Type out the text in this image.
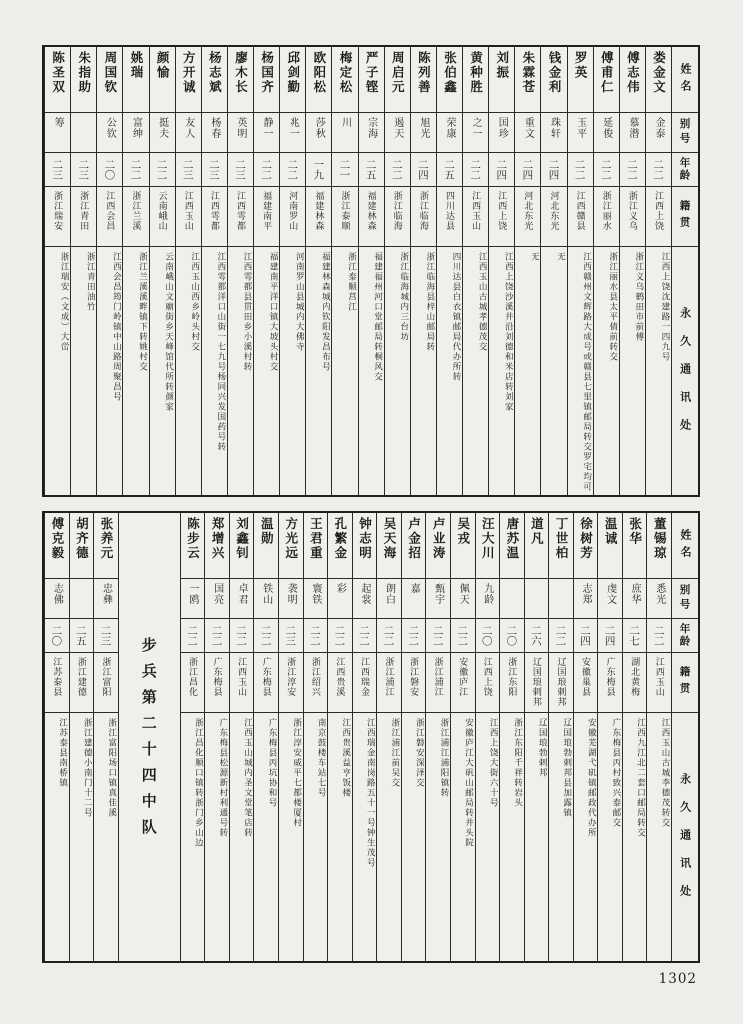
姓名
别号
年龄
籍贯
永久通讯处
娄金文
金泰
二二
江西上饶
江西上饶沈建路一四九号
傅志伟
慕潜
二二
浙江义乌
浙江义乌鹤田市前傅
傅甫仁
延俊
二二
浙江丽水
浙江丽水县太平倩前转交
罗英
玉平
二二
江西赣县
江西赣州文辉路大成号或赣县七里镇邮局转交罗宅均可
钱金利
珠轩
二四
河北东光
无
朱霖苍
重文
二四
河北东光
无
刘振
国珍
二四
江西上饶
江西上饶沙溪井沿刘德和米店转刘家
黄种胜
之一
二二
江西玉山
江西玉山古城孝德茂交
张伯鑫
荣康
二五
四川达县
四川达县白衣镇邮局代办所转
陈列善
旭光
二四
浙江临海
浙江临海县梓山邮局转
周启元
遏天
二二
浙江临海
浙江临海城内三台坊
严子铿
宗海
二五
福建林森
福建福州河口堂邮局转桐风交
梅定松
川
二一
浙江泰顺
浙江泰顺莒江
欧阳松
莎秋
一九
福建林森
福建林森城内钦阳发昌布号
邱剑勤
兆一
二二
河南罗山
河南罗山县城内大佛寺
杨国齐
静一
二二
福建南平
福建南平洋口镇大坡头村交
廖木长
英明
二三
江西雩都
江西雩都县贯田乡小溪村转
杨志斌
杨春
二三
江西雩都
江西雩都洋口山街一七九号杨同兴发国药号转
方开诚
友人
二三
江西玉山
江西玉山西乡岭头村交
颜愉
挺夫
二二
云南峨山
云南峨山文廟街乡天峰馆代所转颜家
姚瑞
富绅
二二
浙江兰溪
浙江兰溪溪畔镇下转姚村交
周国钦
公钦
二〇
江西会昌
江西会昌筠门岭镇中山路周聚昌号
朱指助
二三
浙江青田
浙江青田油竹
陈圣双
筹
二三
浙江瑞安
浙江瑞安（文成）大峃
姓名
别号
年龄
籍贯
永久通讯处
董锡琼
悉光
二二
江西玉山
江西玉山古城李德茂转交
张华
庶华
二七
湖北黄梅
江西九江北二套口邮局转交
温诚
虔文
二四
广东梅县
广东梅县丙村致兴泰邮交
徐树芳
志郑
二四
安徽巢县
安徽芜湖弋矶镇邮政代办所
丁世柏
二二
辽国琅剌邦
辽国琅勃剌邦县加露镇
道凡
二六
辽国琅剌邦
辽国琅勃剌邦
唐苏温
二〇
浙江东阳
浙江东阳千祥转岩头
汪大川
九龄
二〇
江西上饶
江西上饶大街六十号
吴戎
佩天
二二
安徽庐江
安徽庐江大矾山邮局转井头院
卢业涛
甄宇
二二
浙江浦江
浙江浦江浦阳镇转
卢金招
嘉
二二
浙江磐安
浙江磐安深泽交
吴天海
朗白
二二
浙江浦江
浙江浦江前吴交
钟志明
起裳
二二
江西瑞金
江西瑞金南岗路五十一号钟生茂号
孔繁金
彩
二二
江西贵溪
江西贵溪益亨饭楼
王君重
寰铁
二二
浙江绍兴
南京鼓楼车站七号
方光远
袭明
二三
浙江淳安
浙江淳安威平七都楼厦村
温勋
铁山
二二
广东梅县
广东梅县丙坑协和号
刘鑫钊
卓君
二二
江西玉山
江西玉山城内圣文堂笔店转
郑增兴
国亮
二二
广东梅县
广东梅县松源新村利通号转
陈步云
一鸥
二二
浙江昌化
浙江昌化顺口镇转浙门乡山边
步兵第二十四中队
张养元
忠彝
二三
浙江富阳
浙江富阳场口镇真佳溪
胡齐德
二五
浙江建德
浙江建德小南门十二号
傅克毅
志佛
二〇
江苏泰县
江苏泰县南桥镇
1302
